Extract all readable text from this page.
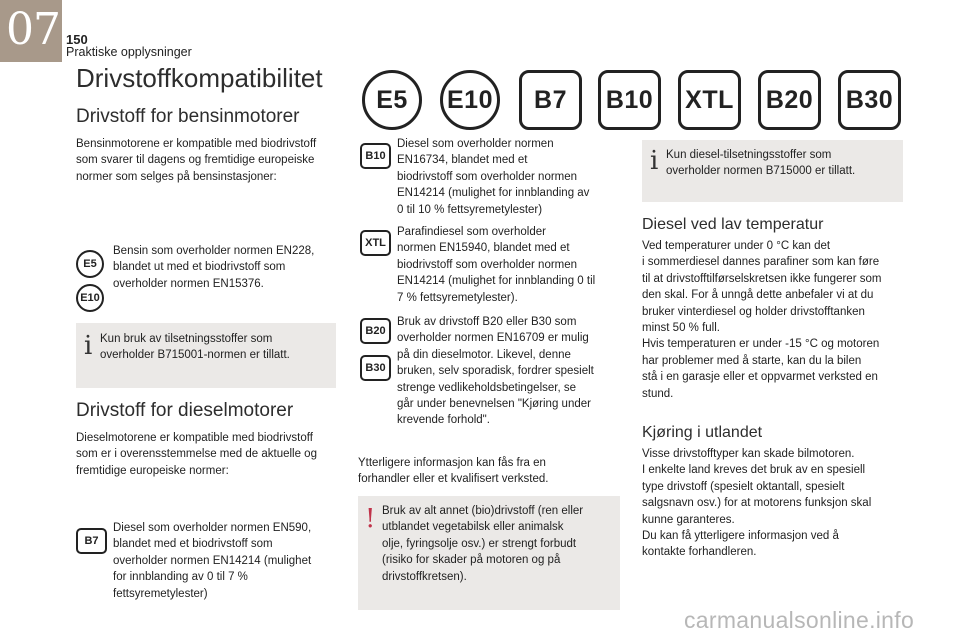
07 150
Praktiske opplysninger
Drivstoffkompatibilitet
E5	E10	B7	B10	XTL	B20	B30
Drivstoff for bensinmotorer
Bensinmotorene er kompatible med biodrivstoff
som svarer til dagens og fremtidige europeiske
normer som selges på bensinstasjoner:
E5
E10
Bensin som overholder normen EN228,
blandet ut med et biodrivstoff som
overholder normen EN15376.
i Kun bruk av tilsetningsstoffer som
overholder B715001-normen er tillatt.
Drivstoff for dieselmotorer
Dieselmotorene er kompatible med biodrivstoff
som er i overensstemmelse med de aktuelle og
fremtidige europeiske normer:
B7
Diesel som overholder normen EN590,
blandet med et biodrivstoff som
overholder normen EN14214 (mulighet
for innblanding av 0 til 7 %
fettsyremetylester)
B10
Diesel som overholder normen
EN16734, blandet med et
biodrivstoff som overholder normen
EN14214 (mulighet for innblanding av
0 til 10 % fettsyremetylester)
XTL
Parafindiesel som overholder
normen EN15940, blandet med et
biodrivstoff som overholder normen
EN14214 (mulighet for innblanding 0 til
7 % fettsyremetylester).
B20
B30
Bruk av drivstoff B20 eller B30 som
overholder normen EN16709 er mulig
på din dieselmotor. Likevel, denne
bruken, selv sporadisk, fordrer spesielt
strenge vedlikeholdsbetingelser, se
går under benevnelsen "Kjøring under
krevende forhold".
Ytterligere informasjon kan fås fra en
forhandler eller et kvalifisert verksted.
! Bruk av alt annet (bio)drivstoff (ren eller
utblandet vegetabilsk eller animalsk
olje, fyringsolje osv.) er strengt forbudt
(risiko for skader på motoren og på
drivstoffkretsen).
i Kun diesel-tilsetningsstoffer som
overholder normen B715000 er tillatt.
Diesel ved lav temperatur
Ved temperaturer under 0 °C kan det
i sommerdiesel dannes parafiner som kan føre
til at drivstofftilførselskretsen ikke fungerer som
den skal. For å unngå dette anbefaler vi at du
bruker vinterdiesel og holder drivstofftanken
minst 50 % full.
Hvis temperaturen er under -15 °C og motoren
har problemer med å starte, kan du la bilen
stå i en garasje eller et oppvarmet verksted en
stund.
Kjøring i utlandet
Visse drivstofftyper kan skade bilmotoren.
I enkelte land kreves det bruk av en spesiell
type drivstoff (spesielt oktantall, spesielt
salgsnavn osv.) for at motorens funksjon skal
kunne garanteres.
Du kan få ytterligere informasjon ved å
kontakte forhandleren.
carmanualsonline.info
